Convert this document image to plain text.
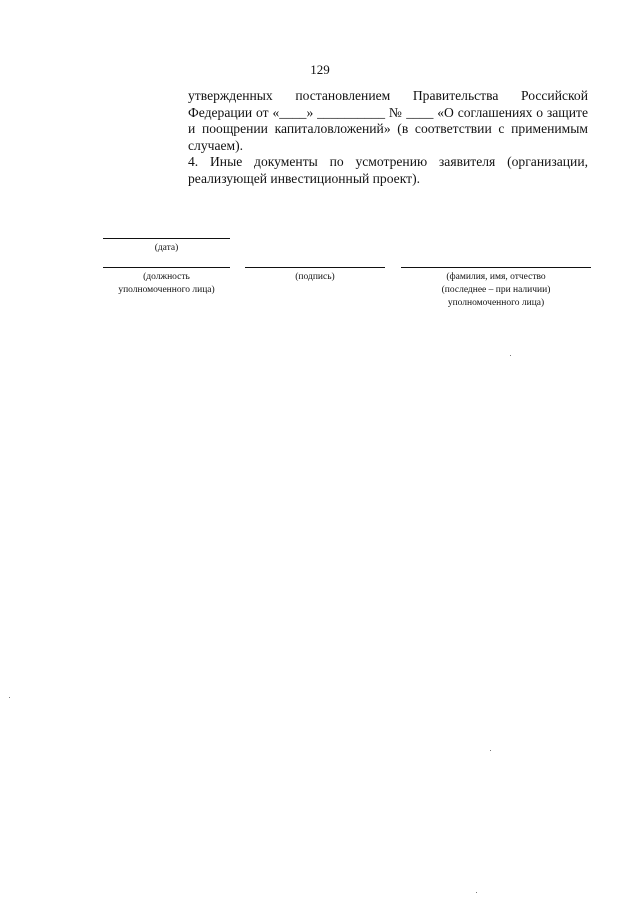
129

утвержденных постановлением Правительства Российской Федерации от «____» __________ № ____ «О соглашениях о защите и поощрении капиталовложений» (в соответствии с применимым случаем).

4. Иные документы по усмотрению заявителя (организации, реализующей инвестиционный проект).

(дата)
(должность
уполномоченного лица)
(подпись)	(фамилия, имя, отчество
(последнее – при наличии)
уполномоченного лица)
